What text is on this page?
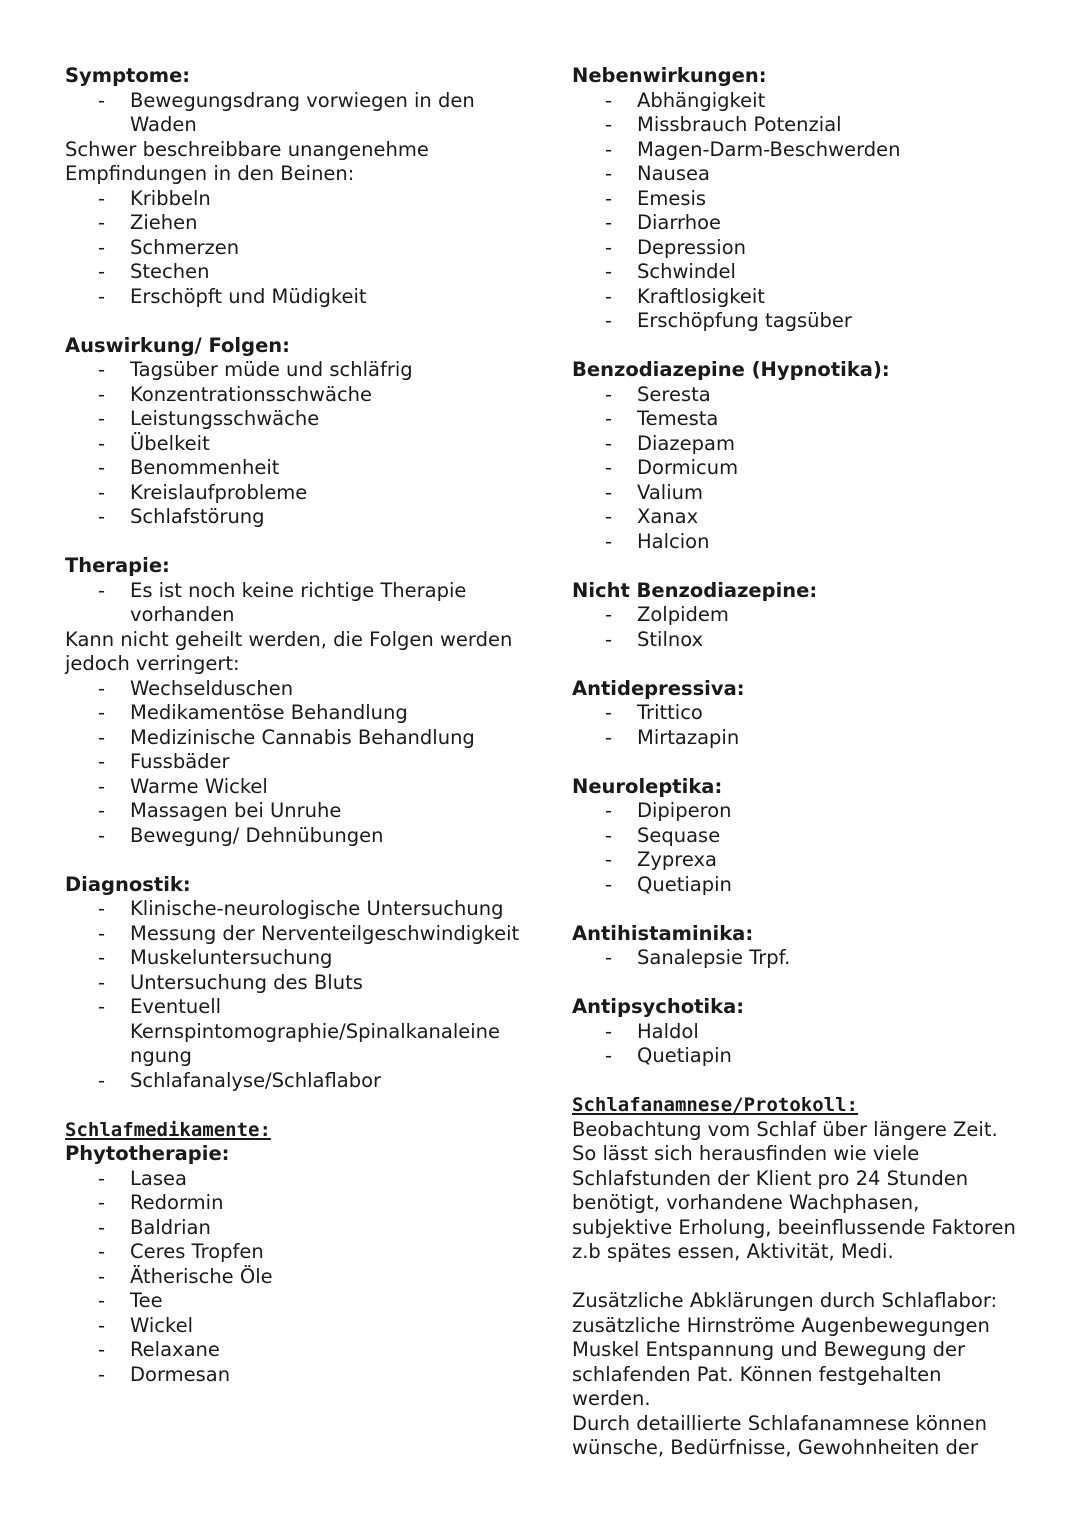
Symptome:
- Bewegungsdrang vorwiegen in den Waden

Schwer beschreibbare unangenehme Empfindungen in den Beinen:

- Kribbeln
- Ziehen
- Schmerzen
- Stechen
- Erschöpft und Müdigkeit
Auswirkung/ Folgen:
- Tagsüber müde und schläfrig
- Konzentrationsschwäche
- Leistungsschwäche
- Übelkeit
- Benommenheit
- Kreislaufprobleme
- Schlafstörung
Therapie:
- Es ist noch keine richtige Therapie vorhanden

Kann nicht geheilt werden, die Folgen werden jedoch verringert:

- Wechselduschen
- Medikamentöse Behandlung
- Medizinische Cannabis Behandlung
- Fussbäder
- Warme Wickel
- Massagen bei Unruhe
- Bewegung/ Dehnübungen
Diagnostik:
- Klinische-neurologische Untersuchung
- Messung der Nerventeilgeschwindigkeit
- Muskeluntersuchung
- Untersuchung des Bluts
- Eventuell Kernspintomographie/Spinalkanaleine ngung
- Schlafanalyse/Schlaflabor
Schlafmedikamente:
Phytotherapie:
- Lasea
- Redormin
- Baldrian
- Ceres Tropfen
- Ätherische Öle
- Tee
- Wickel
- Relaxane
- Dormesan
Nebenwirkungen:
- Abhängigkeit
- Missbrauch Potenzial
- Magen-Darm-Beschwerden
- Nausea
- Emesis
- Diarrhoe
- Depression
- Schwindel
- Kraftlosigkeit
- Erschöpfung tagsüber
Benzodiazepine (Hypnotika):
- Seresta
- Temesta
- Diazepam
- Dormicum
- Valium
- Xanax
- Halcion
Nicht Benzodiazepine:
- Zolpidem
- Stilnox
Antidepressiva:
- Trittico
- Mirtazapin
Neuroleptika:
- Dipiperon
- Sequase
- Zyprexa
- Quetiapin
Antihistaminika:
- Sanalepsie Trpf.
Antipsychotika:
- Haldol
- Quetiapin
Schlafanamnese/Protokoll:

Beobachtung vom Schlaf über längere Zeit. So lässt sich herausfinden wie viele Schlafstunden der Klient pro 24 Stunden benötigt, vorhandene Wachphasen, subjektive Erholung, beeinflussende Faktoren z.b spätes essen, Aktivität, Medi.

Zusätzliche Abklärungen durch Schlaflabor: zusätzliche Hirnströme Augenbewegungen Muskel Entspannung und Bewegung der schlafenden Pat. Können festgehalten werden.

Durch detaillierte Schlafanamnese können wünsche, Bedürfnisse, Gewohnheiten der
